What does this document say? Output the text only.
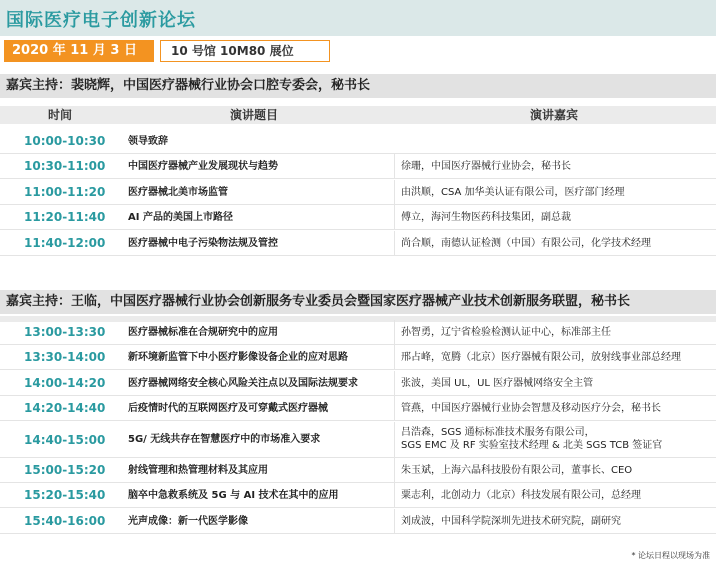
国际医疗电子创新论坛
2020 年 11 月 3 日	10 号馆 10M80 展位
嘉宾主持：裴晓辉，中国医疗器械行业协会口腔专委会，秘书长
时间	演讲题目	演讲嘉宾
10:00-10:30 领导致辞
10:30-11:00 中国医疗器械产业发展现状与趋势	徐珊，中国医疗器械行业协会，秘书长
11:00-11:20 医疗器械北美市场监管	由洪顺，CSA 加华美认证有限公司，医疗部门经理
11:20-11:40 AI 产品的美国上市路径	傅立，海河生物医药科技集团，副总裁
11:40-12:00 医疗器械中电子污染物法规及管控	尚合顺，南德认证检测（中国）有限公司，化学技术经理
嘉宾主持：王临，中国医疗器械行业协会创新服务专业委员会暨国家医疗器械产业技术创新服务联盟，秘书长
13:00-13:30 医疗器械标准在合规研究中的应用	孙智勇，辽宁省检验检测认证中心，标准部主任
13:30-14:00 新环境新监管下中小医疗影像设备企业的应对思路	邢占峰，宽腾（北京）医疗器械有限公司，放射线事业部总经理
14:00-14:20 医疗器械网络安全核心风险关注点以及国际法规要求	张波，美国 UL，UL 医疗器械网络安全主管
14:20-14:40 后疫情时代的互联网医疗及可穿戴式医疗器械	管燕，中国医疗器械行业协会智慧及移动医疗分会，秘书长
14:40-15:00 5G/ 无线共存在智慧医疗中的市场准入要求
吕浩森，SGS 通标标准技术服务有限公司，
SGS EMC 及 RF 实验室技术经理 & 北美 SGS TCB 签证官
15:00-15:20 射线管理和热管理材料及其应用	朱玉斌，上海六晶科技股份有限公司，董事长、CEO
15:20-15:40 脑卒中急救系统及 5G 与 AI 技术在其中的应用	粟志利，北创动力（北京）科技发展有限公司，总经理
15:40-16:00 光声成像：新一代医学影像	刘成波，中国科学院深圳先进技术研究院，副研究
* 论坛日程以现场为准
